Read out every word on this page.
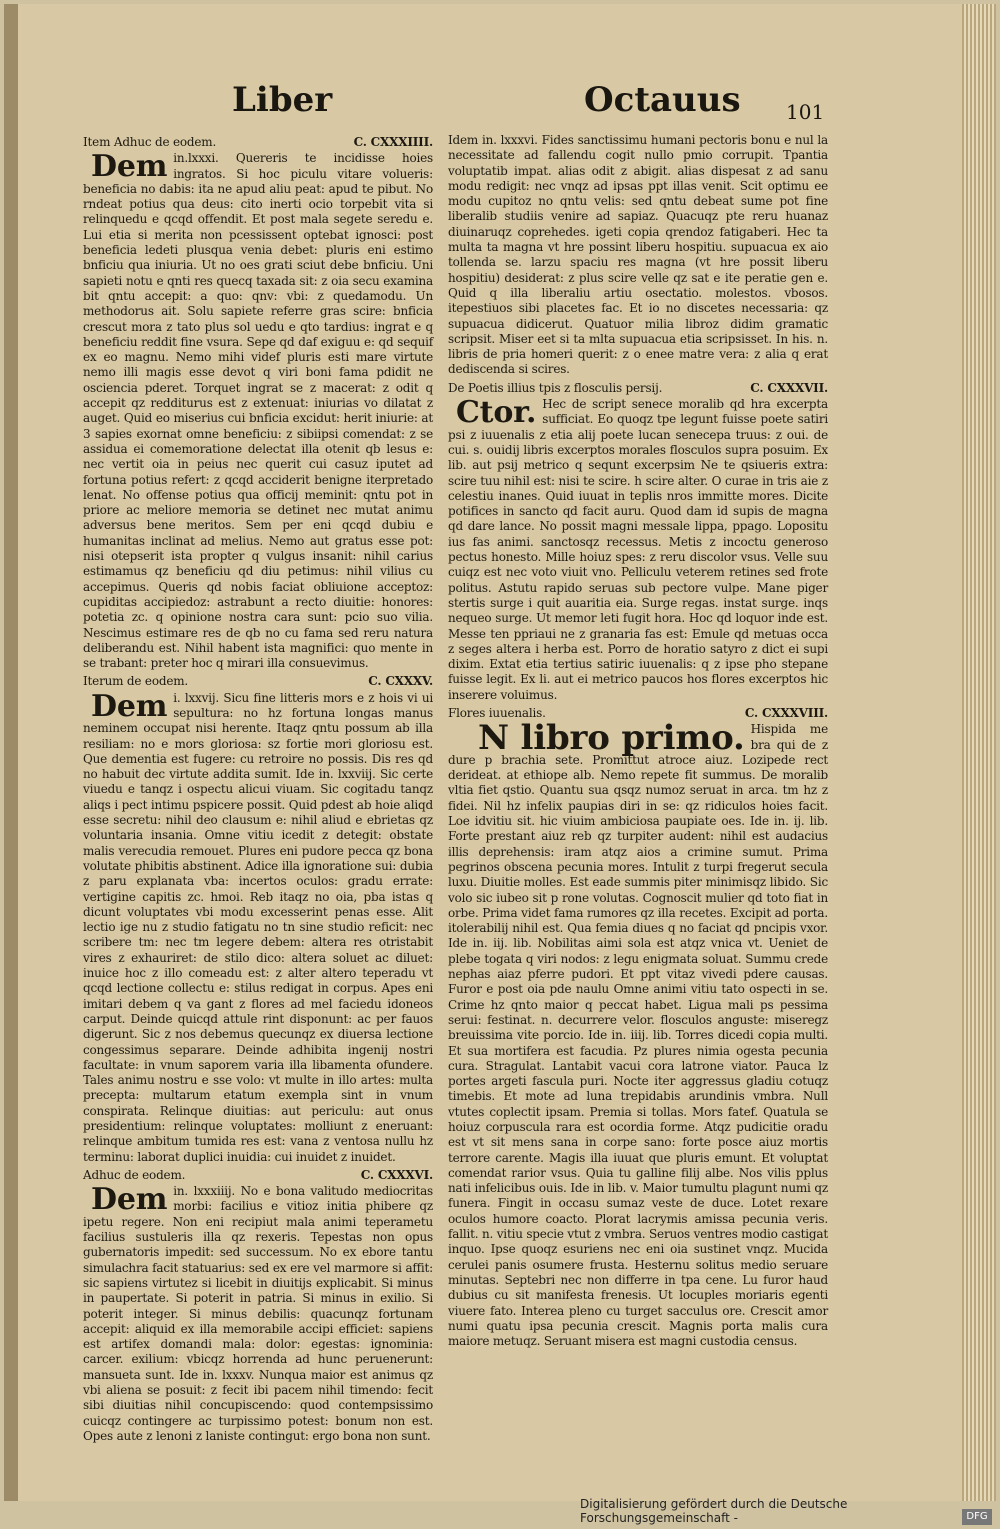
Liber	Octauus 101
Item Adhuc de eodem.	C. CXXXIIII.
Dem in.lxxxi. Quereris te incidisse hoies ingratos. Si hoc piculu vitare volueris: beneficia no dabis: ita ne apud aliu peat: apud te pibut. No rndeat potius qua deus: cito inerti ocio torpebit vita si relinquedu e qcqd offendit. Et post mala segete seredu e. Lui etia si merita non pcessissent optebat ignosci: post beneficia ledeti plusqua venia debet: pluris eni estimo bnficiu qua iniuria. Ut no oes grati sciut debe bnficiu. Uni sapieti notu e qnti res quecq taxada sit: z oia secu examina bit qntu accepit: a quo: qnv: vbi: z quedamodu. Un methodorus ait. Solu sapiete referre gras scire: bnficia crescut mora z tato plus sol uedu e qto tardius: ingrat e q beneficiu reddit fine vsura. Sepe qd daf exiguu e: qd sequif ex eo magnu. Nemo mihi videf pluris esti mare virtute nemo illi magis esse devot q viri boni fama pdidit ne osciencia pderet. Torquet ingrat se z macerat: z odit q accepit qz redditurus est z extenuat: iniurias vo dilatat z auget. Quid eo miserius cui bnficia excidut: herit iniurie: at 3 sapies exornat omne beneficiu: z sibiipsi comendat: z se assidua ei comemoratione delectat illa otenit qb lesus e: nec vertit oia in peius nec querit cui casuz iputet ad fortuna potius refert: z qcqd acciderit benigne iterpretado lenat. No offense potius qua officij meminit: qntu pot in priore ac meliore memoria se detinet nec mutat animu adversus bene meritos. Sem per eni qcqd dubiu e humanitas inclinat ad melius. Nemo aut gratus esse pot: nisi otepserit ista propter q vulgus insanit: nihil carius estimamus qz beneficiu qd diu petimus: nihil vilius cu accepimus. Queris qd nobis faciat obliuione acceptoz: cupiditas accipiedoz: astrabunt a recto diuitie: honores: potetia zc. q opinione nostra cara sunt: pcio suo vilia. Nescimus estimare res de qb no cu fama sed reru natura deliberandu est. Nihil habent ista magnifici: quo mente in se trabant: preter hoc q mirari illa consuevimus.
Iterum de eodem.	C. CXXXV.
Dem i. lxxvij. Sicu fine litteris mors e z hois vi ui sepultura: no hz fortuna longas manus neminem occupat nisi herente. Itaqz qntu possum ab illa resiliam: no e mors gloriosa: sz fortie mori gloriosu est. Que dementia est fugere: cu retroire no possis. Dis res qd no habuit dec virtute addita sumit. Ide in. lxxviij. Sic certe viuedu e tanqz i ospectu alicui viuam. Sic cogitadu tanqz aliqs i pect intimu pspicere possit. Quid pdest ab hoie aliqd esse secretu: nihil deo clausum e: nihil aliud e ebrietas qz voluntaria insania. Omne vitiu icedit z detegit: obstate malis verecudia remouet. Plures eni pudore pecca qz bona volutate phibitis abstinent. Adice illa ignoratione sui: dubia z paru explanata vba: incertos oculos: gradu errate: vertigine capitis zc. hmoi. Reb itaqz no oia, pba istas q dicunt voluptates vbi modu excesserint penas esse. Alit lectio ige nu z studio fatigatu no tn sine studio reficit: nec scribere tm: nec tm legere debem: altera res otristabit vires z exhauriret: de stilo dico: altera soluet ac diluet: inuice hoc z illo comeadu est: z alter altero teperadu vt qcqd lectione collectu e: stilus redigat in corpus. Apes eni imitari debem q va gant z flores ad mel faciedu idoneos carput. Deinde quicqd attule rint disponunt: ac per fauos digerunt. Sic z nos debemus quecunqz ex diuersa lectione congessimus separare. Deinde adhibita ingenij nostri facultate: in vnum saporem varia illa libamenta ofundere. Tales animu nostru e sse volo: vt multe in illo artes: multa precepta: multarum etatum exempla sint in vnum conspirata. Relinque diuitias: aut periculu: aut onus presidentium: relinque voluptates: molliunt z eneruant: relinque ambitum tumida res est: vana z ventosa nullu hz terminu: laborat duplici inuidia: cui inuidet z inuidet.
Adhuc de eodem.	C. CXXXVI.
Dem in. lxxxiiij. No e bona valitudo mediocritas morbi: facilius e vitioz initia phibere qz ipetu regere. Non eni recipiut mala animi teperametu facilius sustuleris illa qz rexeris. Tepestas non opus gubernatoris impedit: sed successum. No ex ebore tantu simulachra facit statuarius: sed ex ere vel marmore si affit: sic sapiens virtutez si licebit in diuitijs explicabit. Si minus in paupertate. Si poterit in patria. Si minus in exilio. Si poterit integer. Si minus debilis: quacunqz fortunam accepit: aliquid ex illa memorabile accipi efficiet: sapiens est artifex domandi mala: dolor: egestas: ignominia: carcer. exilium: vbicqz horrenda ad hunc peruenerunt: mansueta sunt. Ide in. lxxxv. Nunqua maior est animus qz vbi aliena se posuit: z fecit ibi pacem nihil timendo: fecit sibi diuitias nihil concupiscendo: quod contempsissimo cuicqz contingere ac turpissimo potest: bonum non est. Opes aute z lenoni z laniste contingut: ergo bona non sunt.
Idem in. lxxxvi. Fides sanctissimu humani pectoris bonu e nul la necessitate ad fallendu cogit nullo pmio corrupit. Tpantia voluptatib impat. alias odit z abigit. alias dispesat z ad sanu modu redigit: nec vnqz ad ipsas ppt illas venit. Scit optimu ee modu cupitoz no qntu velis: sed qntu debeat sume pot fine liberalib studiis venire ad sapiaz. Quacuqz pte reru huanaz diuinaruqz coprehedes. igeti copia qrendoz fatigaberi. Hec ta multa ta magna vt hre possint liberu hospitiu. supuacua ex aio tollenda se. larzu spaciu res magna (vt hre possit liberu hospitiu) desiderat: z plus scire velle qz sat e ite peratie gen e. Quid q illa liberaliu artiu osectatio. molestos. vbosos. itepestiuos sibi placetes fac. Et io no discetes necessaria: qz supuacua didicerut. Quatuor milia libroz didim gramatic scripsit. Miser eet si ta mlta supuacua etia scripsisset. In his. n. libris de pria homeri querit: z o enee matre vera: z alia q erat dediscenda si scires.
De Poetis illius tpis z flosculis persij.	C. CXXXVII.
Ctor. Hec de script senece moralib qd hra excerpta sufficiat. Eo quoqz tpe legunt fuisse poete satiri psi z iuuenalis z etia alij poete lucan senecepa truus: z oui. de cui. s. ouidij libris excerptos morales flosculos supra posuim. Ex lib. aut psij metrico q sequnt excerpsim Ne te qsiueris extra: scire tuu nihil est: nisi te scire. h scire alter. O curae in tris aie z celestiu inanes. Quid iuuat in teplis nros immitte mores. Dicite potifices in sancto qd facit auru. Quod dam id supis de magna qd dare lance. No possit magni messale lippa, ppago. Lopositu ius fas animi. sanctosqz recessus. Metis z incoctu generoso pectus honesto. Mille hoiuz spes: z reru discolor vsus. Velle suu cuiqz est nec voto viuit vno. Pelliculu veterem retines sed frote politus. Astutu rapido seruas sub pectore vulpe. Mane piger stertis surge i quit auaritia eia. Surge regas. instat surge. inqs nequeo surge. Ut memor leti fugit hora. Hoc qd loquor inde est. Messe ten ppriaui ne z granaria fas est: Emule qd metuas occa z seges altera i herba est. Porro de horatio satyro z dict ei supi dixim. Extat etia tertius satiric iuuenalis: q z ipse pho stepane fuisse legit. Ex li. aut ei metrico paucos hos flores excerptos hic inserere voluimus.
Flores iuuenalis.	C. CXXXVIII.
N libro primo. Hispida me bra qui de z dure p brachia sete. Promittut atroce aiuz. Lozipede rect derideat. at ethiope alb. Nemo repete fit summus. De moralib vltia fiet qstio. Quantu sua qsqz numoz seruat in arca. tm hz z fidei. Nil hz infelix paupias diri in se: qz ridiculos hoies facit. Loe idvitiu sit. hic viuim ambiciosa paupiate oes. Ide in. ij. lib. Forte prestant aiuz reb qz turpiter audent: nihil est audacius illis deprehensis: iram atqz aios a crimine sumut. Prima pegrinos obscena pecunia mores. Intulit z turpi fregerut secula luxu. Diuitie molles. Est eade summis piter minimisqz libido. Sic volo sic iubeo sit p rone volutas. Cognoscit mulier qd toto fiat in orbe. Prima videt fama rumores qz illa recetes. Excipit ad porta. itolerabilij nihil est. Qua femia diues q no faciat qd pncipis vxor. Ide in. iij. lib. Nobilitas aimi sola est atqz vnica vt. Ueniet de plebe togata q viri nodos: z legu enigmata soluat. Summu crede nephas aiaz pferre pudori. Et ppt vitaz vivedi pdere causas. Furor e post oia pde naulu Omne animi vitiu tato ospecti in se. Crime hz qnto maior q peccat habet. Ligua mali ps pessima serui: festinat. n. decurrere velor. flosculos anguste: miseregz breuissima vite porcio. Ide in. iiij. lib. Torres dicedi copia multi. Et sua mortifera est facudia. Pz plures nimia ogesta pecunia cura. Stragulat. Lantabit vacui cora latrone viator. Pauca lz portes argeti fascula puri. Nocte iter aggressus gladiu cotuqz timebis. Et mote ad luna trepidabis arundinis vmbra. Null vtutes coplectit ipsam. Premia si tollas. Mors fatef. Quatula se hoiuz corpuscula rara est ocordia forme. Atqz pudicitie oradu est vt sit mens sana in corpe sano: forte posce aiuz mortis terrore carente. Magis illa iuuat que pluris emunt. Et voluptat comendat rarior vsus. Quia tu galline filij albe. Nos vilis pplus nati infelicibus ouis. Ide in lib. v. Maior tumultu plagunt numi qz funera. Fingit in occasu sumaz veste de duce. Lotet rexare oculos humore coacto. Plorat lacrymis amissa pecunia veris. fallit. n. vitiu specie vtut z vmbra. Seruos ventres modio castigat inquo. Ipse quoqz esuriens nec eni oia sustinet vnqz. Mucida cerulei panis osumere frusta. Hesternu solitus medio seruare minutas. Septebri nec non differre in tpa cene. Lu furor haud dubius cu sit manifesta frenesis. Ut locuples moriaris egenti viuere fato. Interea pleno cu turget sacculus ore. Crescit amor numi quatu ipsa pecunia crescit. Magnis porta malis cura maiore metuqz. Seruant misera est magni custodia census.
Digitalisierung gefördert durch die Deutsche Forschungsgemeinschaft -	DFG
